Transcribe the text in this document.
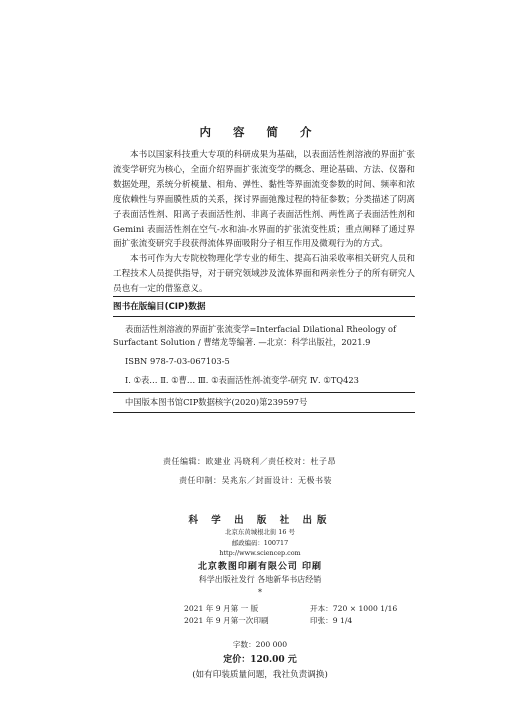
内 容 简 介

本书以国家科技重大专项的科研成果为基础，以表面活性剂溶液的界面扩张流变学研究为核心，全面介绍界面扩张流变学的概念、理论基础、方法、仪器和数据处理，系统分析模量、相角、弹性、黏性等界面流变参数的时间、频率和浓度依赖性与界面膜性质的关系，探讨界面弛豫过程的特征参数；分类描述了阴离子表面活性剂、阳离子表面活性剂、非离子表面活性剂、两性离子表面活性剂和 Gemini 表面活性剂在空气-水和油-水界面的扩张流变性质；重点阐释了通过界面扩张流变研究手段获得流体界面吸附分子相互作用及微观行为的方式。

本书可作为大专院校物理化学专业的师生、提高石油采收率相关研究人员和工程技术人员提供指导，对于研究领域涉及流体界面和两亲性分子的所有研究人员也有一定的借鉴意义。

图书在版编目(CIP)数据

表面活性剂溶液的界面扩张流变学=Interfacial Dilational Rheology of

Surfactant Solution / 曹绪龙等编著. —北京：科学出版社，2021.9

ISBN 978-7-03-067103-5

Ⅰ. ①表… Ⅱ. ①曹… Ⅲ. ①表面活性剂-流变学-研究 Ⅳ. ①TQ423

中国版本图书馆CIP数据核字(2020)第239597号

责任编辑：欧建业 冯晓利／责任校对：杜子昂
责任印制：吴兆东／封面设计：无极书装
科 学 出 版 社 出版
北京东黄城根北街 16 号
邮政编码：100717
http://www.sciencep.com
北京教图印刷有限公司 印刷
科学出版社发行 各地新华书店经销
*
2021 年 9 月第 一 版
2021 年 9 月第一次印刷
开本：720 × 1000 1/16
印张：9 1/4
字数：200 000
定价：120.00 元
(如有印装质量问题，我社负责调换)
